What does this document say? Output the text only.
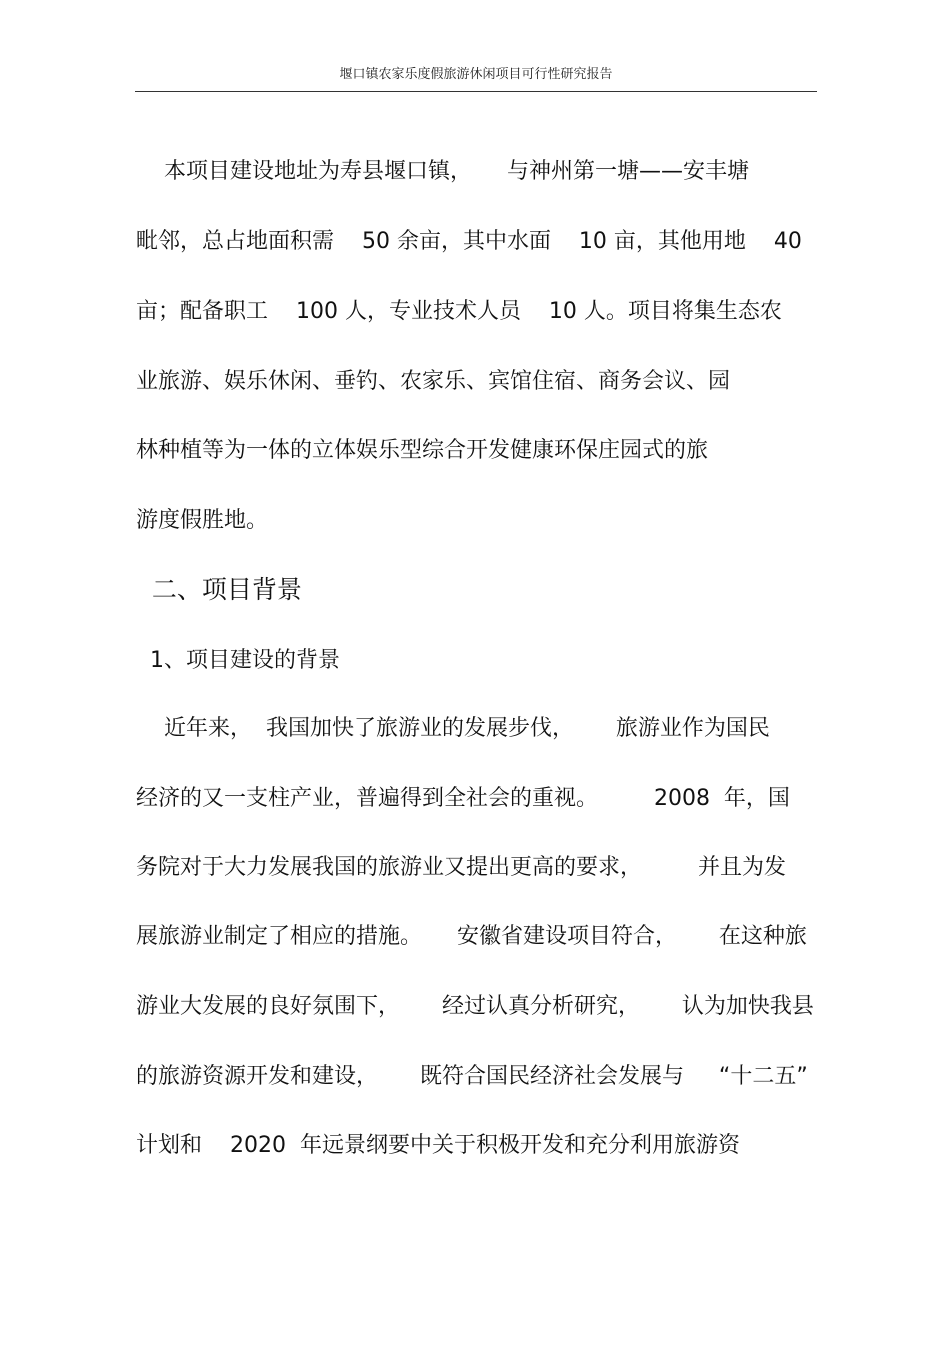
堰口镇农家乐度假旅游休闲项目可行性研究报告
本项目建设地址为寿县堰口镇，     与神州第一塘——安丰塘
毗邻，总占地面积需    50 余亩，其中水面    10 亩，其他用地    40
亩；配备职工    100 人，专业技术人员    10 人。项目将集生态农
业旅游、娱乐休闲、垂钓、农家乐、宾馆住宿、商务会议、园
林种植等为一体的立体娱乐型综合开发健康环保庄园式的旅
游度假胜地。
二、项目背景
1、项目建设的背景
近年来，  我国加快了旅游业的发展步伐，      旅游业作为国民
经济的又一支柱产业，普遍得到全社会的重视。        2008  年，国
务院对于大力发展我国的旅游业又提出更高的要求，        并且为发
展旅游业制定了相应的措施。     安徽省建设项目符合，      在这种旅
游业大发展的良好氛围下，      经过认真分析研究，      认为加快我县
的旅游资源开发和建设，      既符合国民经济社会发展与     “十二五”
计划和    2020  年远景纲要中关于积极开发和充分利用旅游资
